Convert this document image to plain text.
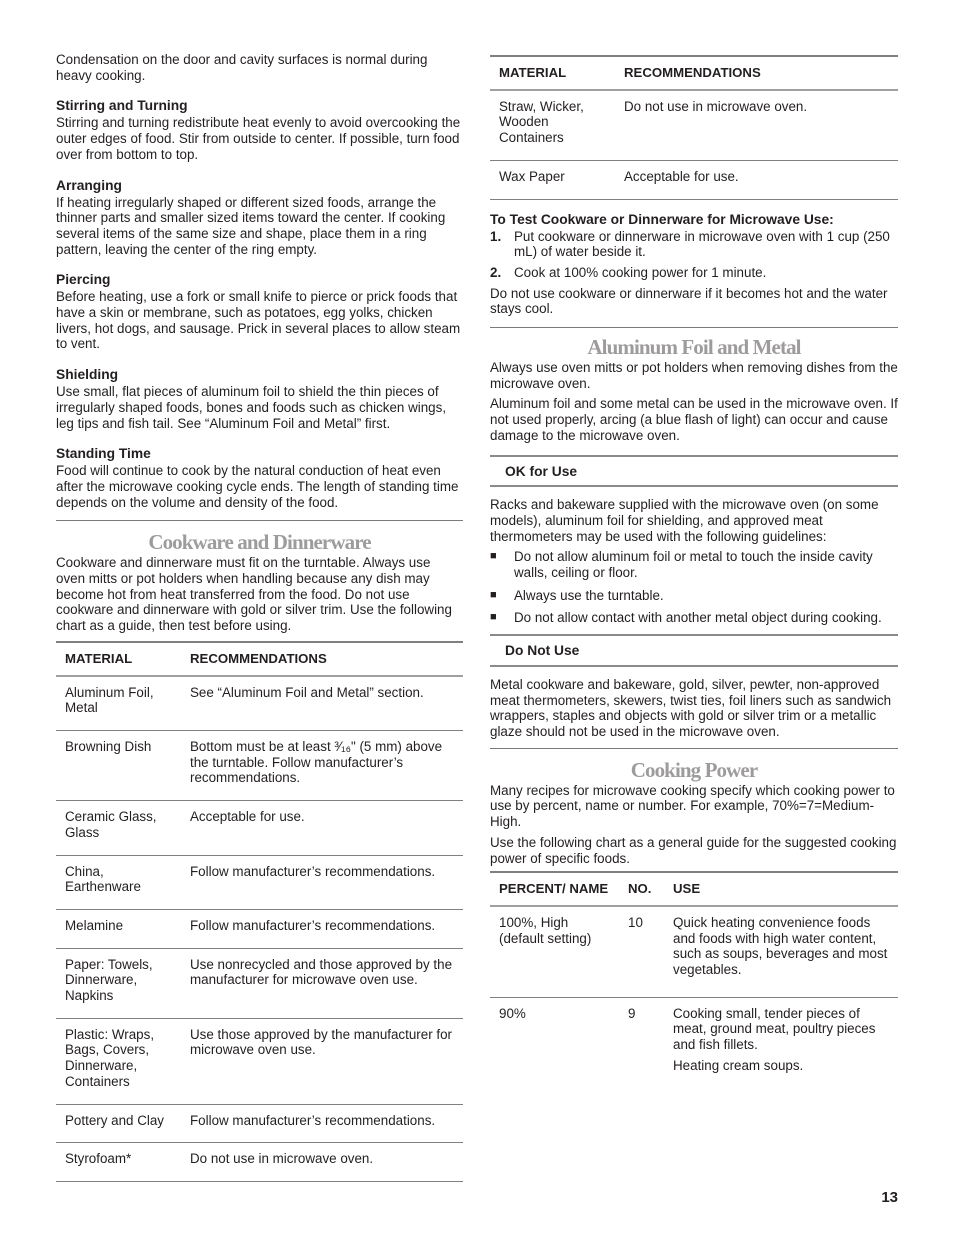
Condensation on the door and cavity surfaces is normal during heavy cooking.

Stirring and Turning

Stirring and turning redistribute heat evenly to avoid overcooking the outer edges of food. Stir from outside to center. If possible, turn food over from bottom to top.

Arranging

If heating irregularly shaped or different sized foods, arrange the thinner parts and smaller sized items toward the center. If cooking several items of the same size and shape, place them in a ring pattern, leaving the center of the ring empty.

Piercing

Before heating, use a fork or small knife to pierce or prick foods that have a skin or membrane, such as potatoes, egg yolks, chicken livers, hot dogs, and sausage. Prick in several places to allow steam to vent.

Shielding

Use small, flat pieces of aluminum foil to shield the thin pieces of irregularly shaped foods, bones and foods such as chicken wings, leg tips and fish tail. See “Aluminum Foil and Metal” first.

Standing Time

Food will continue to cook by the natural conduction of heat even after the microwave cooking cycle ends. The length of standing time depends on the volume and density of the food.

Cookware and Dinnerware

Cookware and dinnerware must fit on the turntable. Always use oven mitts or pot holders when handling because any dish may become hot from heat transferred from the food. Do not use cookware and dinnerware with gold or silver trim. Use the following chart as a guide, then test before using.

MATERIAL	RECOMMENDATIONS
Aluminum Foil, Metal	See “Aluminum Foil and Metal” section.
Browning Dish	Bottom must be at least ³⁄₁₆" (5 mm) above the turntable. Follow manufacturer’s recommendations.
Ceramic Glass, Glass	Acceptable for use.
China, Earthenware	Follow manufacturer’s recommendations.
Melamine	Follow manufacturer’s recommendations.
Paper: Towels, Dinnerware, Napkins	Use nonrecycled and those approved by the manufacturer for microwave oven use.
Plastic: Wraps, Bags, Covers, Dinnerware, Containers	Use those approved by the manufacturer for microwave oven use.
Pottery and Clay	Follow manufacturer’s recommendations.
Styrofoam*	Do not use in microwave oven.
MATERIAL	RECOMMENDATIONS
Straw, Wicker, Wooden Containers	Do not use in microwave oven.
Wax Paper	Acceptable for use.
To Test Cookware or Dinnerware for Microwave Use:
1. Put cookware or dinnerware in microwave oven with 1 cup (250 mL) of water beside it.
2. Cook at 100% cooking power for 1 minute.

Do not use cookware or dinnerware if it becomes hot and the water stays cool.

Aluminum Foil and Metal

Always use oven mitts or pot holders when removing dishes from the microwave oven.

Aluminum foil and some metal can be used in the microwave oven. If not used properly, arcing (a blue flash of light) can occur and cause damage to the microwave oven.

OK for Use

Racks and bakeware supplied with the microwave oven (on some models), aluminum foil for shielding, and approved meat thermometers may be used with the following guidelines:

■	Do not allow aluminum foil or metal to touch the inside cavity walls, ceiling or floor.
■	Always use the turntable.
■	Do not allow contact with another metal object during cooking.
Do Not Use

Metal cookware and bakeware, gold, silver, pewter, non-approved meat thermometers, skewers, twist ties, foil liners such as sandwich wrappers, staples and objects with gold or silver trim or a metallic glaze should not be used in the microwave oven.

Cooking Power

Many recipes for microwave cooking specify which cooking power to use by percent, name or number. For example, 70%=7=Medium-High.

Use the following chart as a general guide for the suggested cooking power of specific foods.

PERCENT/ NAME	NO.	USE
100%, High (default setting)	10	Quick heating convenience foods and foods with high water content, such as soups, beverages and most vegetables.

90%	9	Cooking small, tender pieces of meat, ground meat, poultry pieces and fish fillets.

Heating cream soups.

13
